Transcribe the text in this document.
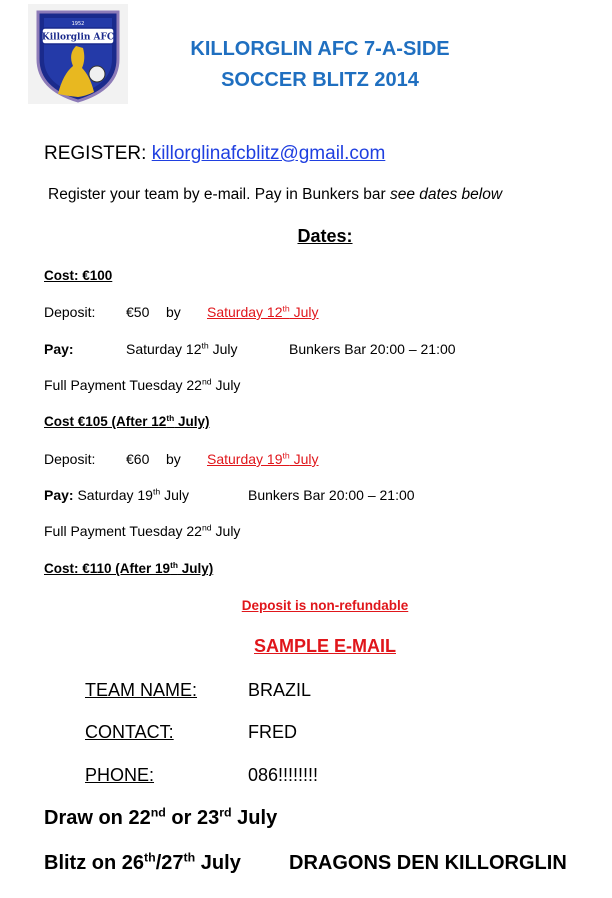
Killorglin AFC
1952
KILLORGLIN AFC 7-A-SIDE
SOCCER BLITZ 2014
REGISTER: killorglinafcblitz@gmail.com
Register your team by e-mail. Pay in Bunkers bar see dates below
Dates:
Cost: €100
Deposit: €50 by Saturday 12th July
Pay:	Saturday 12th July	Bunkers Bar 20:00 – 21:00
Full Payment Tuesday 22nd July
Cost €105 (After 12th July)
Deposit: €60 by Saturday 19th July
Pay: Saturday 19th July	Bunkers Bar 20:00 – 21:00
Full Payment Tuesday 22nd July
Cost: €110 (After 19th July)
Deposit is non-refundable
SAMPLE E-MAIL
TEAM NAME:	BRAZIL
CONTACT:	FRED
PHONE:	086!!!!!!!!
Draw on 22nd or 23rd July
Blitz on 26th/27th July DRAGONS DEN KILLORGLIN
